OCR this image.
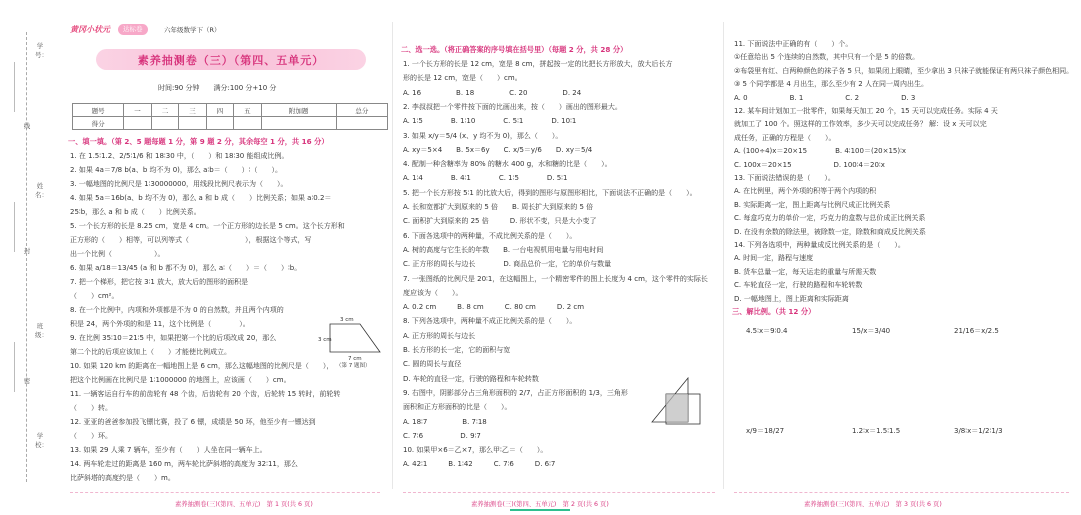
学号：
线
姓名：
封
班级：
密
学校：
黄冈小状元	达标卷	六年级数学下（R）
素养抽测卷（三）（第四、五单元）
时间:90 分钟　　满分:100 分+10 分
题号	一	二	三	四	五	附加题	总分
得分							
一、填一填。（第 2、5 题每题 1 分，第 9 题 2 分，其余每空 1 分，共 16 分）
1. 在 1.5∶1.2、2/5∶1/6 和 18∶30 中，（　　）和 18∶30 能组成比例。
2. 如果 4a＝7/8 b(a、b 均不为 0)，那么 a∶b＝（　　）∶（　　）。
3. 一幅地图的比例尺是 1∶30000000，用线段比例尺表示为（　　）。
4. 如果 5a＝16b(a、b 均不为 0)，那么 a 和 b 成（　　）比例关系；如果 a∶0.2＝
25∶b，那么 a 和 b 成（　　）比例关系。
5. 一个长方形的长是 8.25 cm，宽是 4 cm。一个正方形的边长是 5 cm。这个长方形和
正方形的（　　）相等，可以列等式（　　　　　　　　），根据这个等式，写
出一个比例（　　　　　　）。
6. 如果 a/18＝13/45 (a 和 b 都不为 0)，那么 a∶（　　）＝（　　）∶b。
7. 把一个梯形，把它按 3∶1 放大，放大后的图形的面积是
（　　）cm²。
8. 在一个比例中，内项和外项都是不为 0 的自然数，并且两个内项的
积是 24，两个外项的和是 11，这个比例是（　　　　）。
9. 在比例 35∶10＝21∶5 中，如果把第一个比的后项改成 20，那么
第二个比的后项应该加上（　　）才能使比例成立。
10. 如果 120 km 的距离在一幅地图上是 6 cm，那么这幅地图的比例尺是（　　），
把这个比例画在比例尺是 1∶1000000 的地图上，应该画（　　）cm。
11. 一辆客运自行车的前齿轮有 48 个齿，后齿轮有 20 个齿，后轮转 15 转时，前轮转
（　　）转。
12. 亚亚的爸爸参加投飞镖比赛，投了 6 镖，成绩是 50 环，他至少有一镖达到
（　　）环。
13. 如果 29 人乘 7 辆车，至少有（　　）人坐在同一辆车上。
14. 两车轮走过的距离是 160 m，两车轮比萨斜塔的高度为 32∶11，那么
比萨斜塔的高度约是（　　）m。
3 cm
3 cm
7 cm
（第 7 题图）
素养抽测卷(三)(第四、五单元)　第 1 页(共 6 页)
二、选一选。（将正确答案的序号填在括号里）（每题 2 分，共 28 分）
1. 一个长方形的长是 12 cm，宽是 8 cm，拼起按一定的比把长方形放大，放大后长方
形的长是 12 cm，宽是（　　）cm。
A. 16　　　　　B. 18　　　　　C. 20　　　　　D. 24
2. 李叔叔把一个零件按下面的比画出来，按（　　）画出的图形最大。
A. 1∶5　　　　B. 1∶10　　　　C. 5∶1　　　　D. 10∶1
3. 如果 x/y＝5/4 (x、y 均不为 0)，那么（　　）。
A. xy＝5×4　　B. 5x＝6y　　C. x/5＝y/6　　D. xy＝5/4
4. 配制一种含糖率为 80% 的糖水 400 g，水和糖的比是（　　）。
A. 1∶4　　　　B. 4∶1　　　　C. 1∶5　　　　D. 5∶1
5. 把一个长方形按 5∶1 的比放大后，得到的图形与原图形相比，下面说法不正确的是（　　）。
A. 长和宽都扩大到原来的 5 倍　　B. 周长扩大到原来的 5 倍
C. 面积扩大到原来的 25 倍　　　D. 形状不变，只是大小变了
6. 下面各选项中的两种量，不成比例关系的是（　　）。
A. 树的高度与它生长的年数　　B. 一台电视机用电量与用电时间
C. 正方形的周长与边长　　　　D. 商品总价一定，它的单价与数量
7. 一张图纸的比例尺是 20∶1，在这幅图上，一个精密零件的图上长度为 4 cm，这个零件的实际长
度应该为（　　）。
A. 0.2 cm　　　B. 8 cm　　　C. 80 cm　　　D. 2 cm
8. 下列各选项中，两种量不成正比例关系的是（　　）。
A. 正方形的周长与边长
B. 长方形的长一定，它的面积与宽
C. 圆的周长与直径
D. 车轮的直径一定，行驶的路程和车轮转数
9. 右图中，阴影部分占三角形面积的 2/7，占正方形面积的 1/3，三角形
面积和正方形面积的比是（　　）。
A. 18∶7　　　　　B. 7∶18
C. 7∶6　　　　　 D. 9∶7
10. 如果甲×6＝乙×7，那么甲∶乙＝（　　）。
A. 42∶1　　　B. 1∶42　　　C. 7∶6　　　D. 6∶7
素养抽测卷(三)(第四、五单元)　第 2 页(共 6 页)
11. 下面说法中正确的有（　　）个。
①任意给出 5 个连续的自然数，其中只有一个是 5 的倍数。
②布袋里有红、白两种颜色的袜子各 5 只，如果闭上眼睛，至少拿出 3 只袜子就能保证有两只袜子颜色相同。
③ 5 个同学都是 4 月出生，那么至少有 2 人在同一周内出生。
A. 0　　　　　　B. 1　　　　　　C. 2　　　　　　D. 3
12. 某车间计划加工一批零件，如果每天加工 20 个，15 天可以完成任务。实际 4 天
就加工了 100 个。照这样的工作效率，多少天可以完成任务？ 解：设 x 天可以完
成任务，正确的方程是（　　）。
A. (100÷4)x＝20×15　　　　B. 4∶100＝(20×15)∶x
C. 100x＝20×15　　　　　　D. 100∶4＝20∶x
13. 下面说法错误的是（　　）。
A. 在比例里，两个外项的积等于两个内项的积
B. 实际距离一定，图上距离与比例尺成正比例关系
C. 每盒巧克力的单价一定，巧克力的盒数与总价成正比例关系
D. 在没有余数的除法里，被除数一定，除数和商成反比例关系
14. 下列各选项中，两种量成反比例关系的是（　　）。
A. 时间一定，路程与速度
B. 货车总量一定，每天运走的重量与所需天数
C. 车轮直径一定，行驶的路程和车轮转数
D. 一幅地图上，图上距离和实际距离
三、解比例。（共 12 分）
4.5∶x＝9∶0.4	15/x＝3/40	21/16＝x/2.5
x/9＝18/27	1.2∶x＝1.5∶1.5	3/8∶x＝1/2∶1/3
素养抽测卷(三)(第四、五单元)　第 3 页(共 6 页)
